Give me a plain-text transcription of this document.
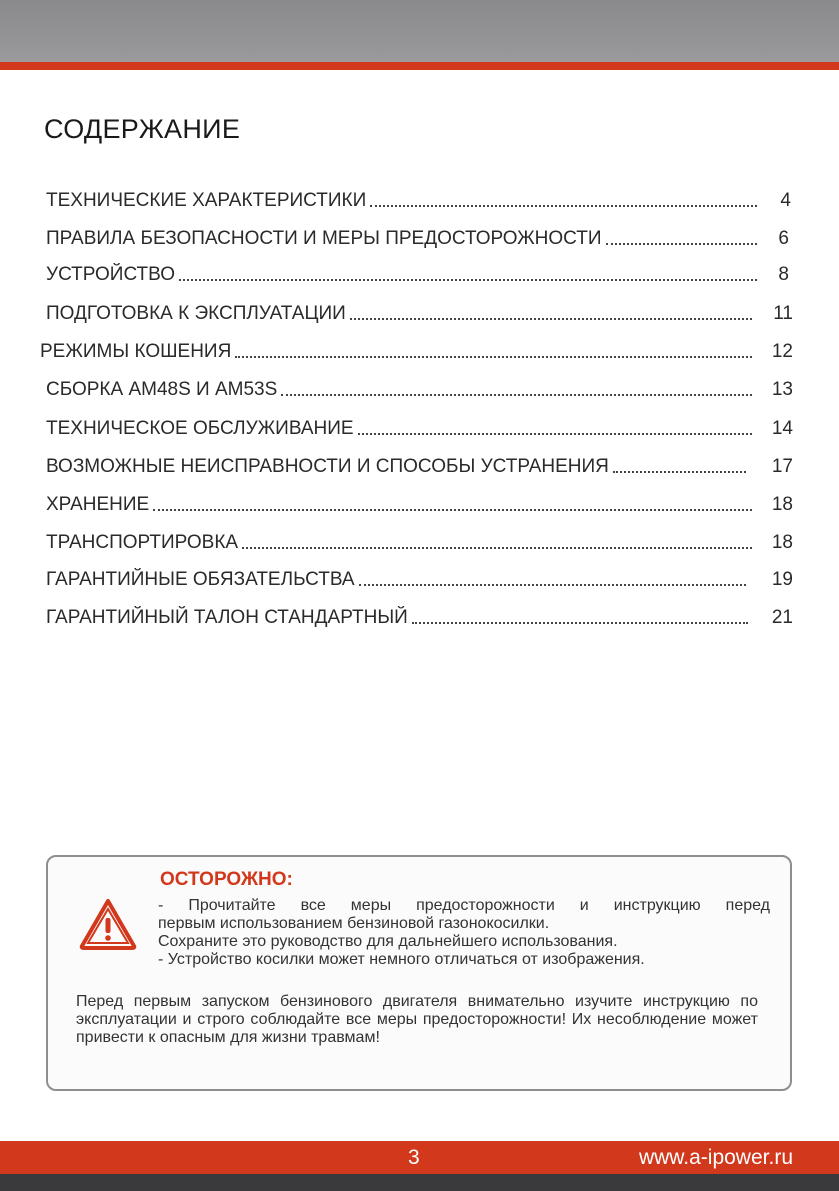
СОДЕРЖАНИЕ
ТЕХНИЧЕСКИЕ ХАРАКТЕРИСТИКИ	4
ПРАВИЛА БЕЗОПАСНОСТИ И МЕРЫ ПРЕДОСТОРОЖНОСТИ	6
УСТРОЙСТВО	8
ПОДГОТОВКА К ЭКСПЛУАТАЦИИ	11
РЕЖИМЫ КОШЕНИЯ	12
СБОРКА AM48S И AM53S	13
ТЕХНИЧЕСКОЕ ОБСЛУЖИВАНИЕ	14
ВОЗМОЖНЫЕ НЕИСПРАВНОСТИ И СПОСОБЫ УСТРАНЕНИЯ	17
ХРАНЕНИЕ	18
ТРАНСПОРТИРОВКА	18
ГАРАНТИЙНЫЕ ОБЯЗАТЕЛЬСТВА	19
ГАРАНТИЙНЫЙ ТАЛОН СТАНДАРТНЫЙ	21
ОСТОРОЖНО:
- Прочитайте все меры предосторожности и инструкцию перед
первым использованием бензиновой газонокосилки.
Сохраните это руководство для дальнейшего использования.
- Устройство косилки может немного отличаться от изображения.
Перед первым запуском бензинового двигателя внимательно изучите инструкцию по эксплуатации и строго соблюдайте все меры предосторожности! Их несоблюдение может привести к опасным для жизни травмам!
3	www.a-ipower.ru
